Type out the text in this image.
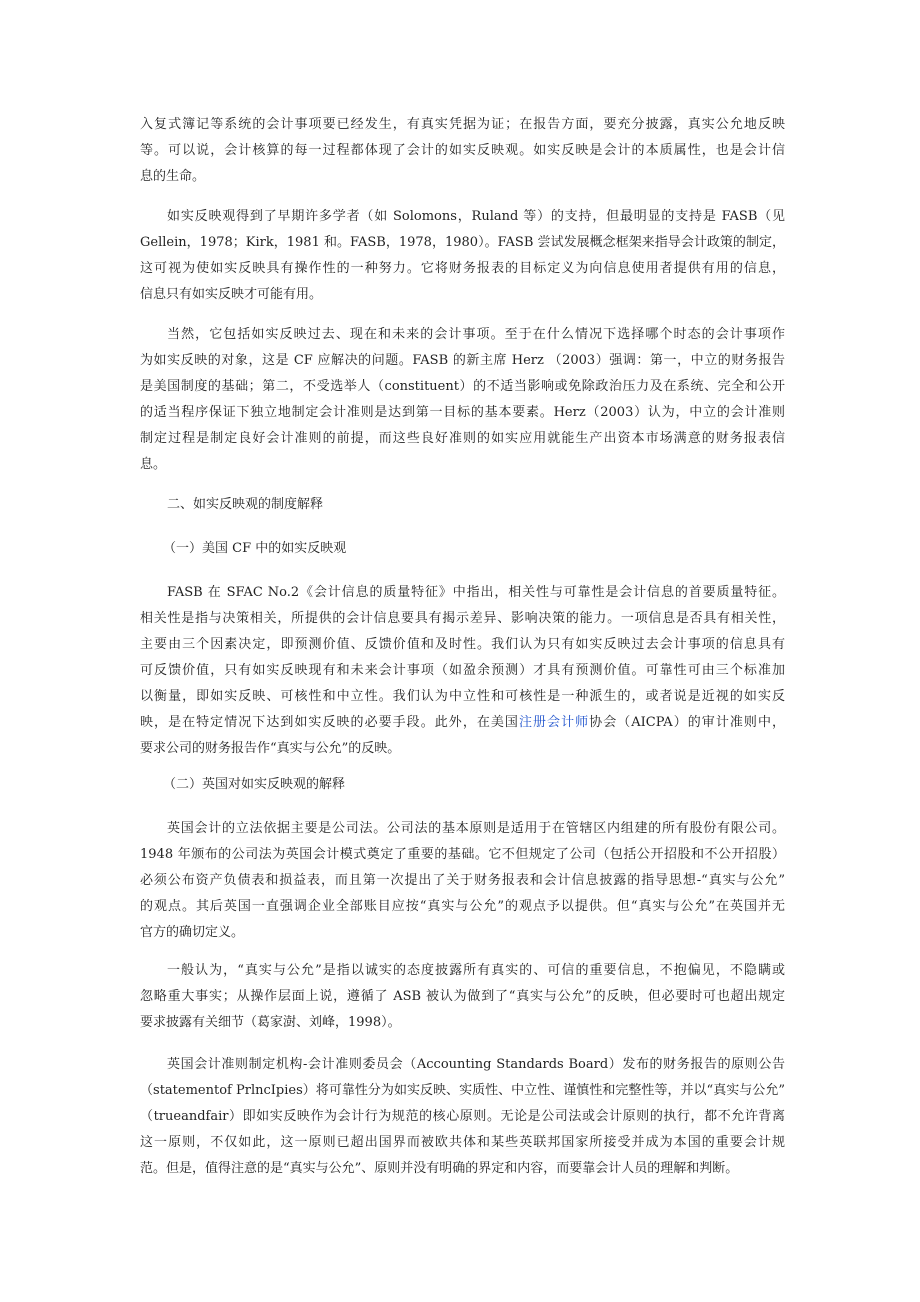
入复式簿记等系统的会计事项要已经发生，有真实凭据为证；在报告方面，要充分披露，真实公允地反映
等。可以说，会计核算的每一过程都体现了会计的如实反映观。如实反映是会计的本质属性，也是会计信
息的生命。
如实反映观得到了早期许多学者（如 Solomons，Ruland 等）的支持，但最明显的支持是 FASB（见
Gellein，1978；Kirk，1981 和。FASB，1978，1980）。FASB 尝试发展概念框架来指导会计政策的制定，
这可视为使如实反映具有操作性的一种努力。它将财务报表的目标定义为向信息使用者提供有用的信息，
信息只有如实反映才可能有用。
当然，它包括如实反映过去、现在和未来的会计事项。至于在什么情况下选择哪个时态的会计事项作
为如实反映的对象，这是 CF 应解决的问题。FASB 的新主席 Herz （2003）强调：第一，中立的财务报告
是美国制度的基础；第二，不受选举人（constituent）的不适当影响或免除政治压力及在系统、完全和公开
的适当程序保证下独立地制定会计准则是达到第一目标的基本要素。Herz（2003）认为，中立的会计准则
制定过程是制定良好会计准则的前提，而这些良好准则的如实应用就能生产出资本市场满意的财务报表信
息。

二、如实反映观的制度解释

（一）美国 CF 中的如实反映观

FASB 在 SFAC No.2《会计信息的质量特征》中指出，相关性与可靠性是会计信息的首要质量特征。
相关性是指与决策相关，所提供的会计信息要具有揭示差异、影响决策的能力。一项信息是否具有相关性，
主要由三个因素决定，即预测价值、反馈价值和及时性。我们认为只有如实反映过去会计事项的信息具有
可反馈价值，只有如实反映现有和未来会计事项（如盈余预测）才具有预测价值。可靠性可由三个标准加
以衡量，即如实反映、可核性和中立性。我们认为中立性和可核性是一种派生的，或者说是近视的如实反
映，是在特定情况下达到如实反映的必要手段。此外，在美国注册会计师协会（AICPA）的审计准则中，
要求公司的财务报告作“真实与公允”的反映。

（二）英国对如实反映观的解释

英国会计的立法依据主要是公司法。公司法的基本原则是适用于在管辖区内组建的所有股份有限公司。
1948 年颁布的公司法为英国会计模式奠定了重要的基础。它不但规定了公司（包括公开招股和不公开招股）
必须公布资产负债表和损益表，而且第一次提出了关于财务报表和会计信息披露的指导思想-“真实与公允”
的观点。其后英国一直强调企业全部账目应按“真实与公允”的观点予以提供。但“真实与公允”在英国并无
官方的确切定义。
一般认为，“真实与公允”是指以诚实的态度披露所有真实的、可信的重要信息，不抱偏见，不隐瞒或
忽略重大事实；从操作层面上说，遵循了 ASB 被认为做到了“真实与公允”的反映，但必要时可也超出规定
要求披露有关细节（葛家澍、刘峰，1998）。
英国会计准则制定机构-会计准则委员会（Accounting Standards Board）发布的财务报告的原则公告
（statementof PrlncIpies）将可靠性分为如实反映、实质性、中立性、谨慎性和完整性等，并以“真实与公允”
（trueandfair）即如实反映作为会计行为规范的核心原则。无论是公司法或会计原则的执行，都不允许背离
这一原则，不仅如此，这一原则已超出国界而被欧共体和某些英联邦国家所接受并成为本国的重要会计规
范。但是，值得注意的是“真实与公允”、原则并没有明确的界定和内容，而要靠会计人员的理解和判断。
